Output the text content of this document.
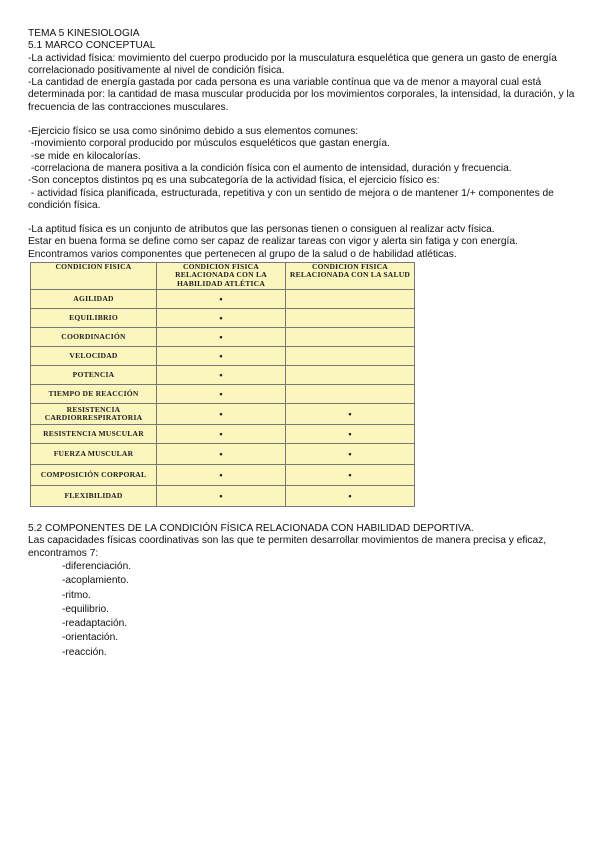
TEMA 5 KINESIOLOGIA

5.1 MARCO CONCEPTUAL

-La actividad física: movimiento del cuerpo producido por la musculatura esquelética que genera un gasto de energía correlacionado positivamente al nivel de condición física.

-La cantidad de energía gastada por cada persona es una variable contínua que va de menor a mayoral cual está determinada por: la cantidad de masa muscular producida por los movimientos corporales, la intensidad, la duración, y la frecuencia de las contracciones musculares.

-Ejercicio físico se usa como sinónimo debido a sus elementos comunes:

-movimiento corporal producido por músculos esqueléticos que gastan energía.

-se mide en kilocalorías.

-correlaciona de manera positiva a la condición física con el aumento de intensidad, duración y frecuencia.

-Son conceptos distintos pq es una subcategoría de la actividad física, el ejercicio físico es:

- actividad física planificada, estructurada, repetitiva y con un sentido de mejora o de mantener 1/+ componentes de condición física.

-La aptitud física es un conjunto de atributos que las personas tienen o consiguen al realizar actv física.

Estar en buena forma se define como ser capaz de realizar tareas con vigor y alerta sin fatiga y con energía.

Encontramos varios componentes que pertenecen al grupo de la salud o de habilidad atléticas.

CONDICION FISICA	CONDICION FISICA RELACIONADA CON LA HABILIDAD ATLÉTICA	CONDICION FISICA RELACIONADA CON LA SALUD
AGILIDAD	•	
EQUILIBRIO	•	
COORDINACIÓN	•	
VELOCIDAD	•	
POTENCIA	•	
TIEMPO DE REACCIÓN	•	
RESISTENCIA CARDIORRESPIRATORIA	•	•
RESISTENCIA MUSCULAR	•	•
FUERZA MUSCULAR	•	•
COMPOSICIÓN CORPORAL	•	•
FLEXIBILIDAD	•	•

5.2 COMPONENTES DE LA CONDICIÓN FÍSICA RELACIONADA CON HABILIDAD DEPORTIVA.

Las capacidades físicas coordinativas son las que te permiten desarrollar movimientos de manera precisa y eficaz, encontramos 7:

-diferenciación.
-acoplamiento.
-ritmo.
-equilibrio.
-readaptación.
-orientación.
-reacción.
